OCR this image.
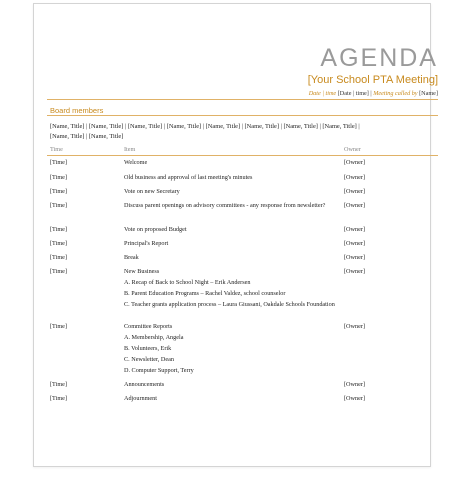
AGENDA
[Your School PTA Meeting]
Date | time [Date | time] | Meeting called by [Name]
Board members
[Name, Title] | [Name, Title] | [Name, Title] | [Name, Title] | [Name, Title] | [Name, Title] | [Name, Title] | [Name, Title] | [Name, Title] | [Name, Title]
Time	Item	Owner
[Time]	Welcome	[Owner]
[Time]	Old business and approval of last meeting's minutes	[Owner]
[Time]	Vote on new Secretary	[Owner]
[Time]	Discuss parent openings on advisory committees - any response from newsletter?	[Owner]
[Time]	Vote on proposed Budget	[Owner]
[Time]	Principal's Report	[Owner]
[Time]	Break	[Owner]
[Time]	New Business	[Owner]
A. Recap of Back to School Night – Erik Andersen
B. Parent Education Programs – Rachel Valdez, school counselor
C. Teacher grants application process – Laura Giussani, Oakdale Schools Foundation
[Time]	Committee Reports	[Owner]
A. Membership, Angela
B. Volunteers, Erik
C. Newsletter, Dean
D. Computer Support, Terry
[Time]	Announcements	[Owner]
[Time]	Adjournment	[Owner]
